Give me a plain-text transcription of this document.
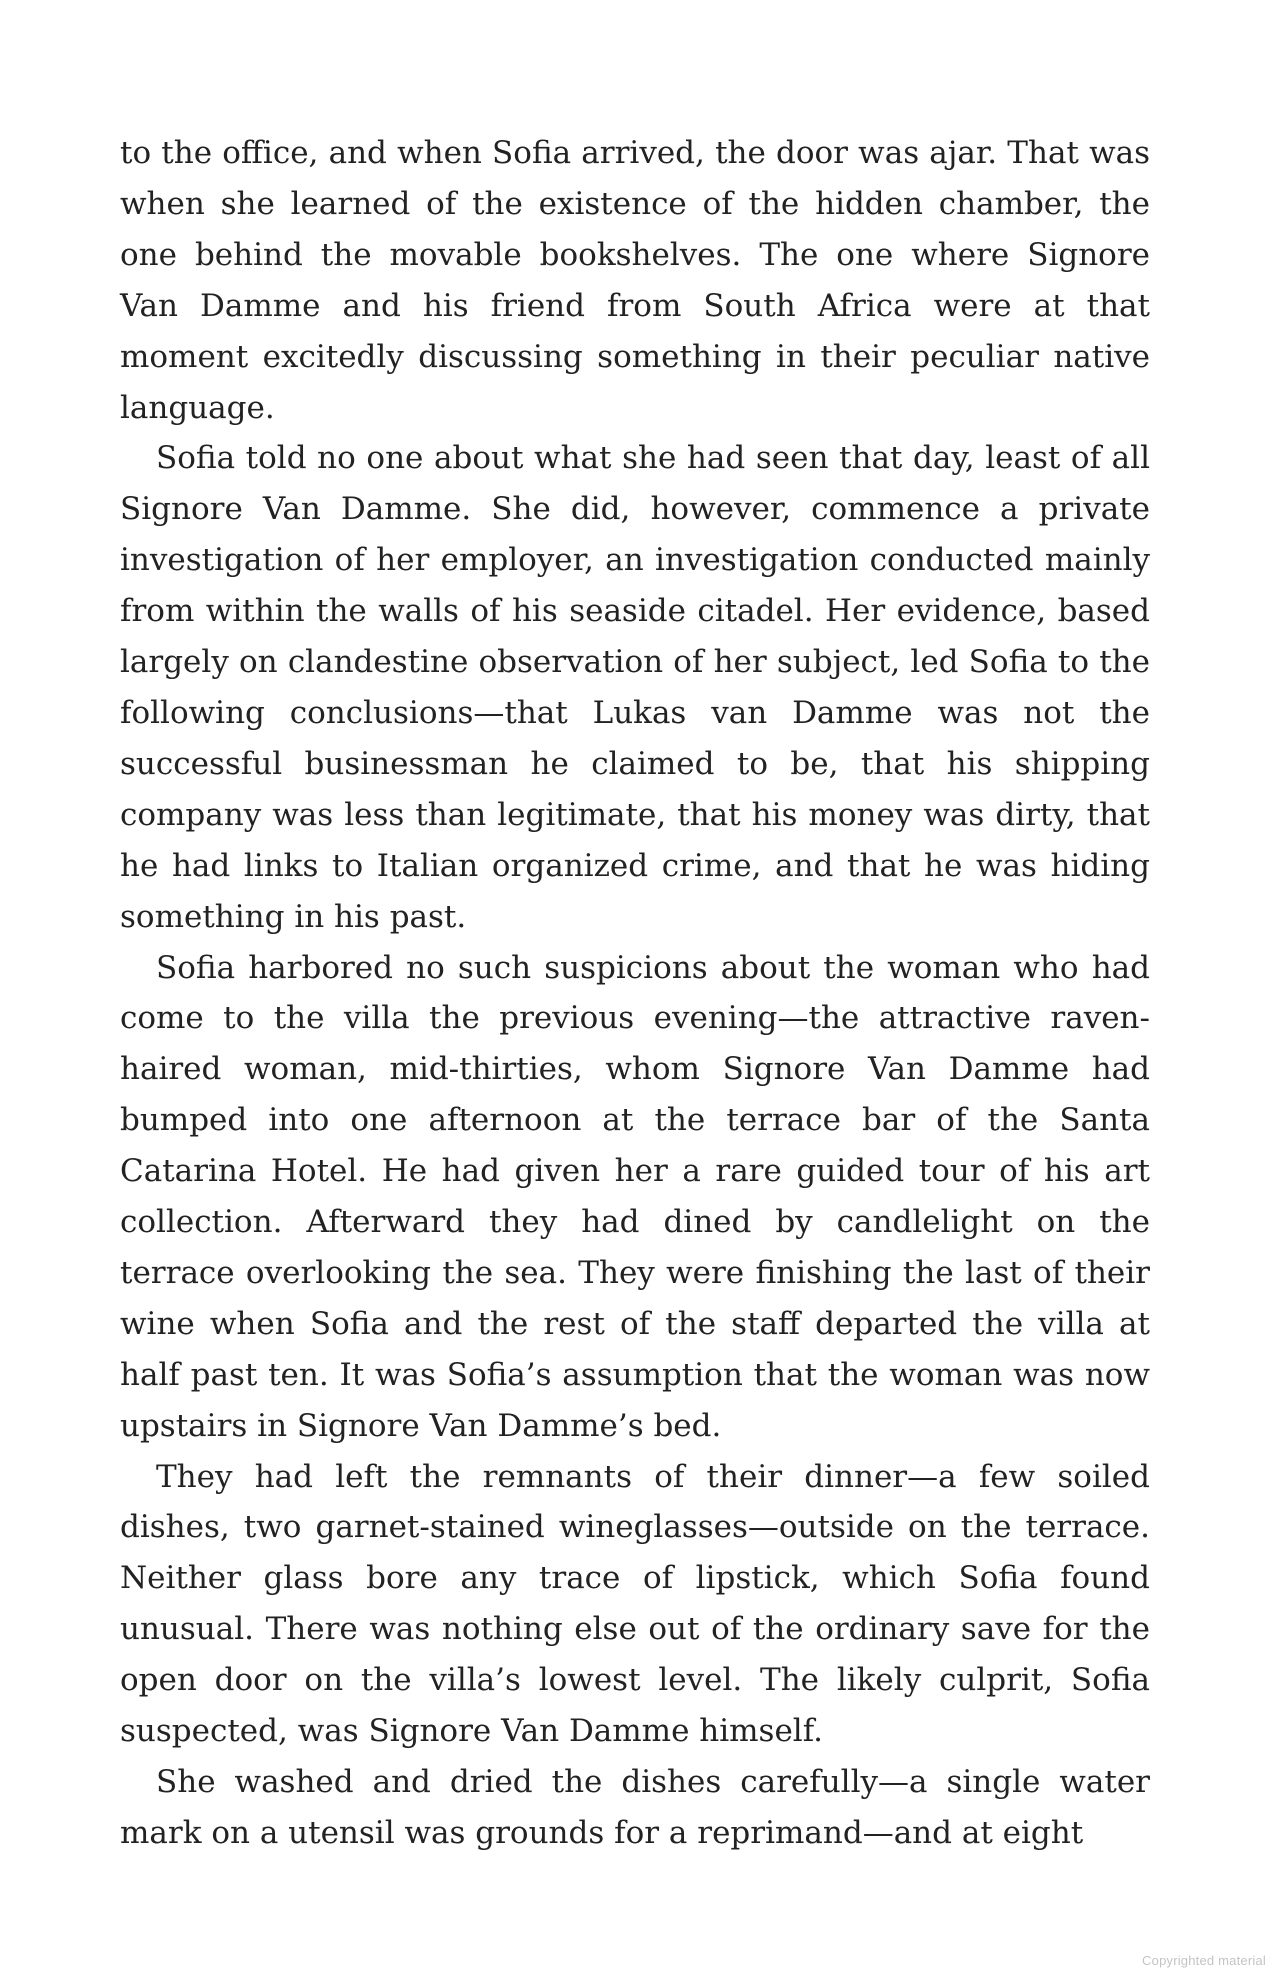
to the office, and when Sofia arrived, the door was ajar. That was when she learned of the existence of the hidden chamber, the one behind the movable bookshelves. The one where Signore Van Damme and his friend from South Africa were at that moment excitedly discussing something in their peculiar native language.

Sofia told no one about what she had seen that day, least of all Signore Van Damme. She did, however, commence a private investigation of her employer, an investigation conducted mainly from within the walls of his seaside citadel. Her evidence, based largely on clandestine observation of her subject, led Sofia to the following conclusions—that Lukas van Damme was not the successful businessman he claimed to be, that his shipping company was less than legitimate, that his money was dirty, that he had links to Italian organized crime, and that he was hiding something in his past.

Sofia harbored no such suspicions about the woman who had come to the villa the previous evening—the attractive raven-haired woman, mid-thirties, whom Signore Van Damme had bumped into one afternoon at the terrace bar of the Santa Catarina Hotel. He had given her a rare guided tour of his art collection. Afterward they had dined by candlelight on the terrace overlooking the sea. They were finishing the last of their wine when Sofia and the rest of the staff departed the villa at half past ten. It was Sofia’s assumption that the woman was now upstairs in Signore Van Damme’s bed.

They had left the remnants of their dinner—a few soiled dishes, two garnet-stained wineglasses—outside on the terrace. Neither glass bore any trace of lipstick, which Sofia found unusual. There was nothing else out of the ordinary save for the open door on the villa’s lowest level. The likely culprit, Sofia suspected, was Signore Van Damme himself.

She washed and dried the dishes carefully—a single water mark on a utensil was grounds for a reprimand—and at eight

Copyrighted material
